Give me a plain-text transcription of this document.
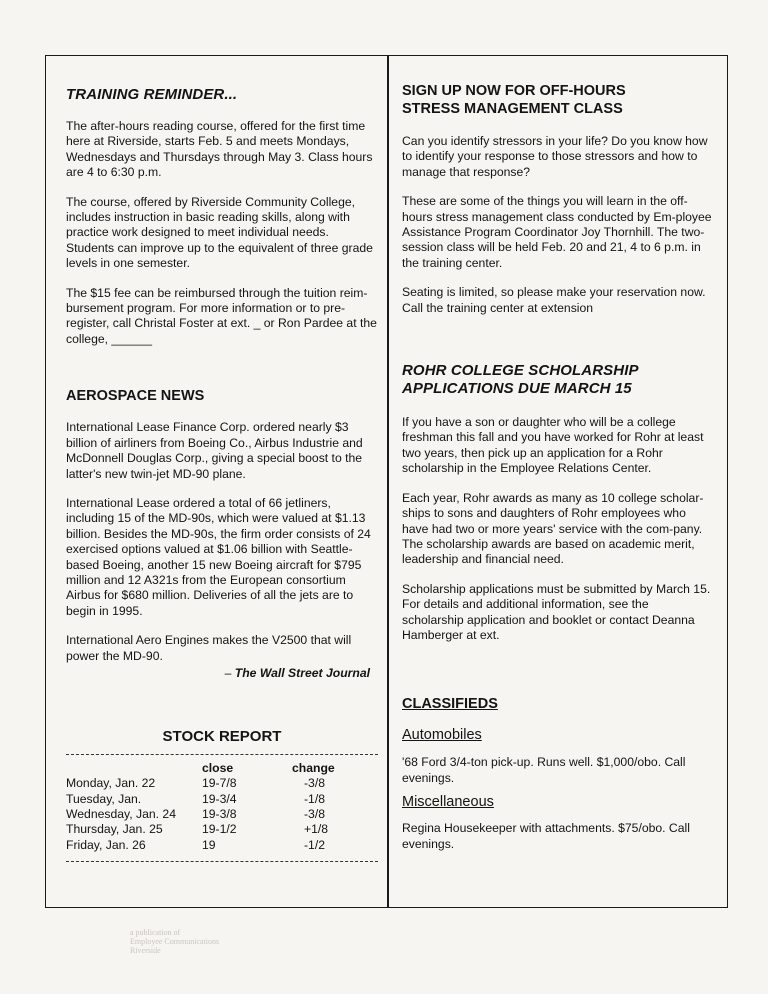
TRAINING REMINDER...

The after-hours reading course, offered for the first time here at Riverside, starts Feb. 5 and meets Mondays, Wednesdays and Thursdays through May 3. Class hours are 4 to 6:30 p.m.

The course, offered by Riverside Community College, includes instruction in basic reading skills, along with practice work designed to meet individual needs. Students can improve up to the equivalent of three grade levels in one semester.

The $15 fee can be reimbursed through the tuition reim-bursement program. For more information or to pre-register, call Christal Foster at ext. _ or Ron Pardee at the college, ______

AEROSPACE NEWS

International Lease Finance Corp. ordered nearly $3 billion of airliners from Boeing Co., Airbus Industrie and McDonnell Douglas Corp., giving a special boost to the latter's new twin-jet MD-90 plane.

International Lease ordered a total of 66 jetliners, including 15 of the MD-90s, which were valued at $1.13 billion. Besides the MD-90s, the firm order consists of 24 exercised options valued at $1.06 billion with Seattle-based Boeing, another 15 new Boeing aircraft for $795 million and 12 A321s from the European consortium Airbus for $680 million. Deliveries of all the jets are to begin in 1995.

International Aero Engines makes the V2500 that will power the MD-90.

– The Wall Street Journal
STOCK REPORT
	close	change
Monday, Jan. 22	19-7/8	-3/8
Tuesday, Jan.	19-3/4	-1/8
Wednesday, Jan. 24	19-3/8	-3/8
Thursday, Jan. 25	19-1/2	+1/8
Friday, Jan. 26	19	-1/2
SIGN UP NOW FOR OFF-HOURS
STRESS MANAGEMENT CLASS

Can you identify stressors in your life? Do you know how to identify your response to those stressors and how to manage that response?

These are some of the things you will learn in the off-hours stress management class conducted by Em-ployee Assistance Program Coordinator Joy Thornhill. The two-session class will be held Feb. 20 and 21, 4 to 6 p.m. in the training center.

Seating is limited, so please make your reservation now. Call the training center at extension

ROHR COLLEGE SCHOLARSHIP
APPLICATIONS DUE MARCH 15

If you have a son or daughter who will be a college freshman this fall and you have worked for Rohr at least two years, then pick up an application for a Rohr scholarship in the Employee Relations Center.

Each year, Rohr awards as many as 10 college scholar-ships to sons and daughters of Rohr employees who have had two or more years' service with the com-pany. The scholarship awards are based on academic merit, leadership and financial need.

Scholarship applications must be submitted by March 15. For details and additional information, see the scholarship application and booklet or contact Deanna Hamberger at ext.

CLASSIFIEDS
Automobiles

'68 Ford 3/4-ton pick-up. Runs well. $1,000/obo. Call evenings.

Miscellaneous

Regina Housekeeper with attachments. $75/obo. Call evenings.

a publication of
Employee Communications
Riverside
